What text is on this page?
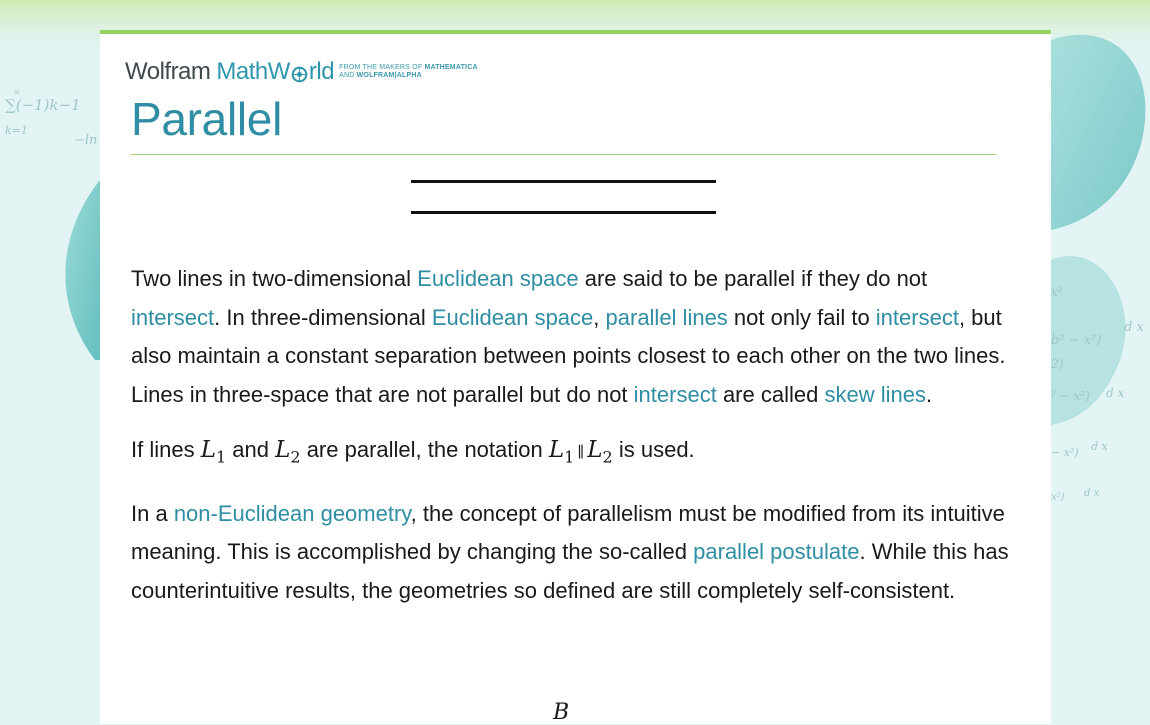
∞
∑(−1)k−1
k=1
−ln
x²
b² − x²)
d x
2)
² − x²) d x
− x²) d x
x²) d x
Wolfram MathW rld FROM THE MAKERS OF MATHEMATICA
AND WOLFRAM|ALPHA
Parallel

Two lines in two-dimensional Euclidean space are said to be parallel if they do not intersect. In three-dimensional Euclidean space, parallel lines not only fail to intersect, but also maintain a constant separation between points closest to each other on the two lines. Lines in three-space that are not parallel but do not intersect are called skew lines.

If lines $L_1$ and $L_2$ are parallel, the notation $L_1$ ∥ $L_2$ is used.

In a non-Euclidean geometry, the concept of parallelism must be modified from its intuitive meaning. This is accomplished by changing the so-called parallel postulate. While this has counterintuitive results, the geometries so defined are still completely self-consistent.

B
